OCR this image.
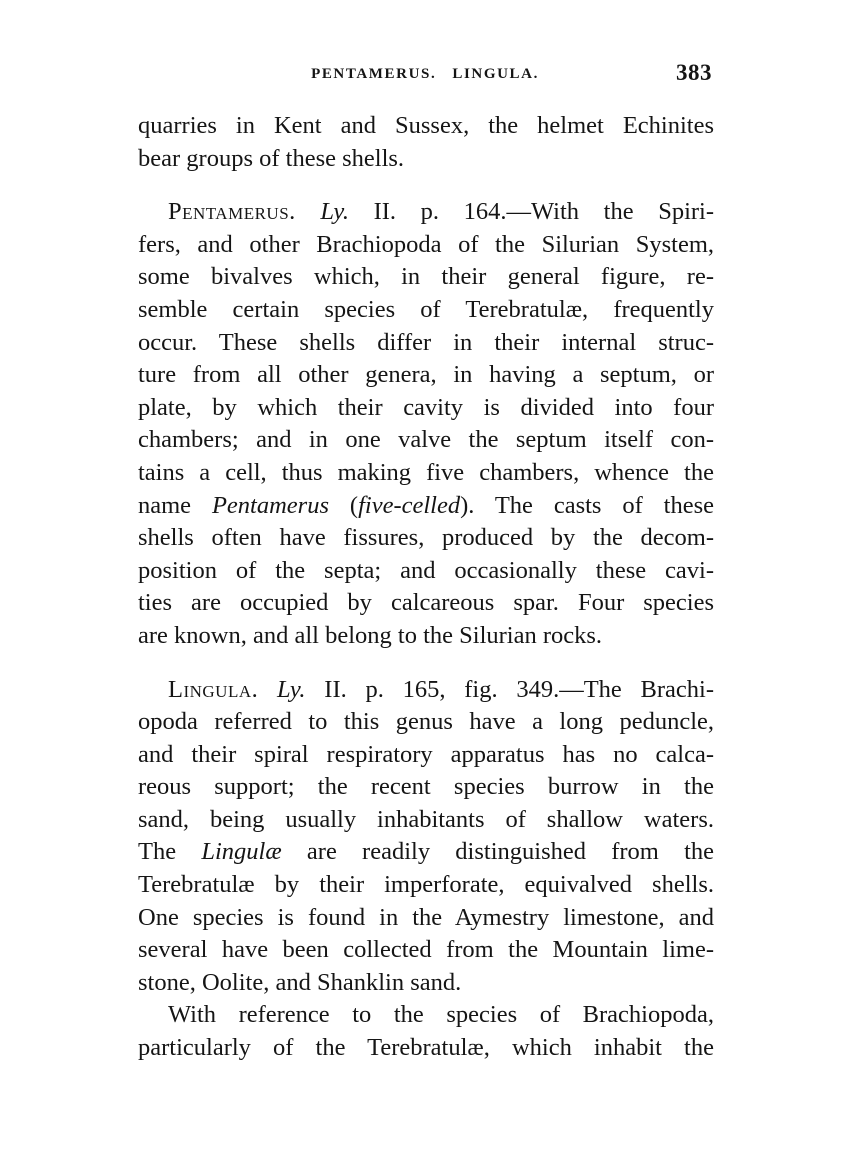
PENTAMERUS.   LINGULA.	383
quarries in Kent and Sussex, the helmet Echinites
bear groups of these shells.
Pentamerus. Ly. II. p. 164.—With the Spiri-
fers, and other Brachiopoda of the Silurian System,
some bivalves which, in their general figure, re-
semble certain species of Terebratulæ, frequently
occur. These shells differ in their internal struc-
ture from all other genera, in having a septum, or
plate, by which their cavity is divided into four
chambers; and in one valve the septum itself con-
tains a cell, thus making five chambers, whence the
name Pentamerus (five-celled). The casts of these
shells often have fissures, produced by the decom-
position of the septa; and occasionally these cavi-
ties are occupied by calcareous spar. Four species
are known, and all belong to the Silurian rocks.
Lingula. Ly. II. p. 165, fig. 349.—The Brachi-
opoda referred to this genus have a long peduncle,
and their spiral respiratory apparatus has no calca-
reous support; the recent species burrow in the
sand, being usually inhabitants of shallow waters.
The Lingulæ are readily distinguished from the
Terebratulæ by their imperforate, equivalved shells.
One species is found in the Aymestry limestone, and
several have been collected from the Mountain lime-
stone, Oolite, and Shanklin sand.
With reference to the species of Brachiopoda,
particularly of the Terebratulæ, which inhabit the
